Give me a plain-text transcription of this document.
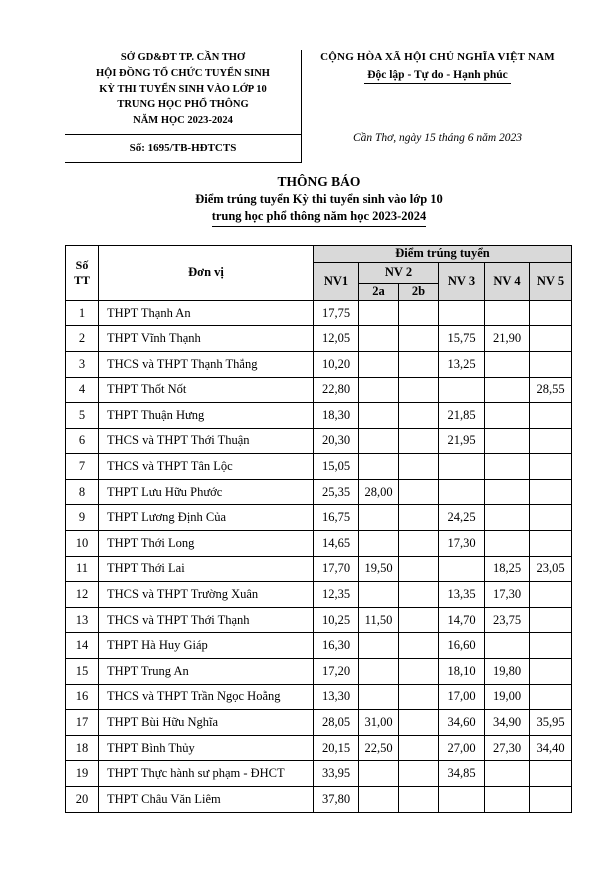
SỞ GD&ĐT TP. CẦN THƠ
HỘI ĐỒNG TỔ CHỨC TUYỂN SINH
KỲ THI TUYỂN SINH VÀO LỚP 10
TRUNG HỌC PHỔ THÔNG
NĂM HỌC 2023-2024
Số: 1695/TB-HĐTCTS
CỘNG HÒA XÃ HỘI CHỦ NGHĨA VIỆT NAM
Độc lập - Tự do - Hạnh phúc
Cần Thơ, ngày 15 tháng 6 năm 2023
THÔNG BÁO
Điểm trúng tuyển Kỳ thi tuyển sinh vào lớp 10
trung học phổ thông năm học 2023-2024
Số
TT	Đơn vị	Điểm trúng tuyển					
		NV1	NV 2		NV 3	NV 4	NV 5
			2a	2b			
1	THPT Thạnh An	17,75					
2	THPT Vĩnh Thạnh	12,05			15,75	21,90	
3	THCS và THPT Thạnh Thắng	10,20			13,25		
4	THPT Thốt Nốt	22,80					28,55
5	THPT Thuận Hưng	18,30			21,85		
6	THCS và THPT Thới Thuận	20,30			21,95		
7	THCS và THPT Tân Lộc	15,05					
8	THPT Lưu Hữu Phước	25,35	28,00				
9	THPT Lương Định Của	16,75			24,25		
10	THPT Thới Long	14,65			17,30		
11	THPT Thới Lai	17,70	19,50			18,25	23,05
12	THCS và THPT Trường Xuân	12,35			13,35	17,30	
13	THCS và THPT Thới Thạnh	10,25	11,50		14,70	23,75	
14	THPT Hà Huy Giáp	16,30			16,60		
15	THPT Trung An	17,20			18,10	19,80	
16	THCS và THPT Trần Ngọc Hoằng	13,30			17,00	19,00	
17	THPT Bùi Hữu Nghĩa	28,05	31,00		34,60	34,90	35,95
18	THPT Bình Thủy	20,15	22,50		27,00	27,30	34,40
19	THPT Thực hành sư phạm - ĐHCT	33,95			34,85		
20	THPT Châu Văn Liêm	37,80					
